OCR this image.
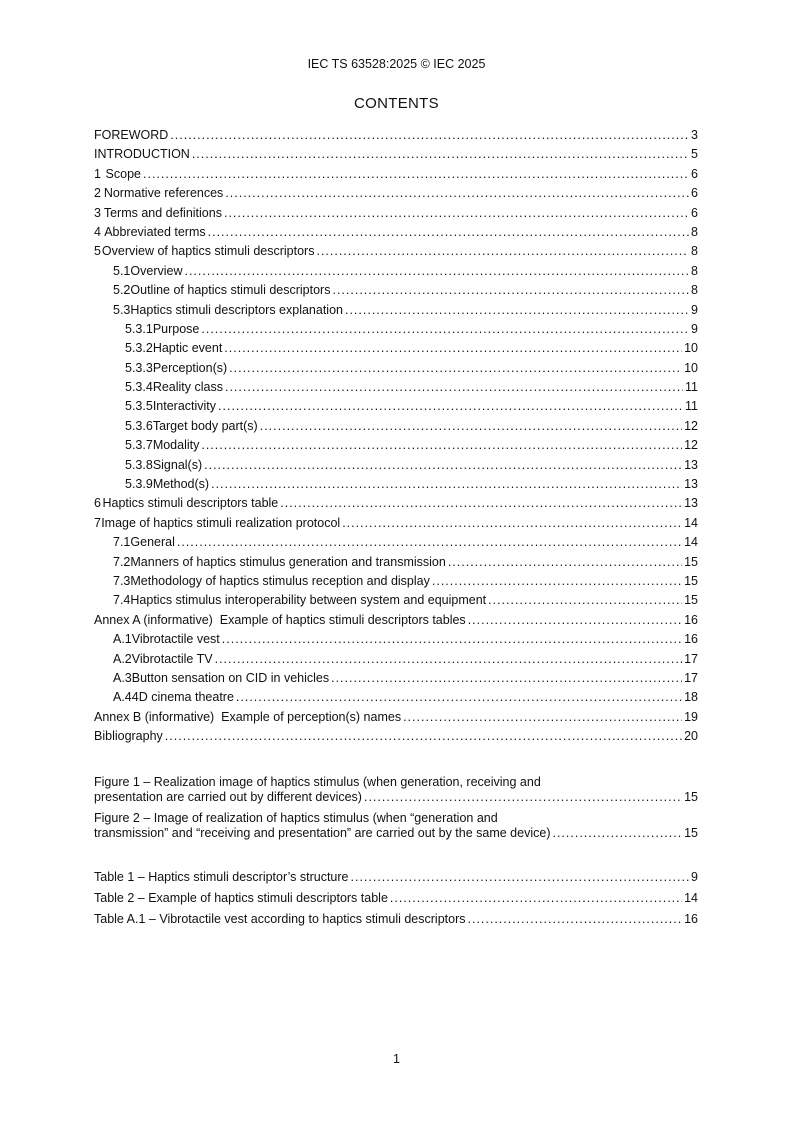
IEC TS 63528:2025 © IEC 2025
CONTENTS
FOREWORD .....	3
INTRODUCTION .....	5
1 Scope .....	6
2 Normative references .....	6
3 Terms and definitions .....	6
4 Abbreviated terms .....	8
5 Overview of haptics stimuli descriptors .....	8
5.1 Overview .....	8
5.2 Outline of haptics stimuli descriptors .....	8
5.3 Haptics stimuli descriptors explanation .....	9
5.3.1 Purpose .....	9
5.3.2 Haptic event .....	10
5.3.3 Perception(s) .....	10
5.3.4 Reality class .....	11
5.3.5 Interactivity .....	11
5.3.6 Target body part(s) .....	12
5.3.7 Modality .....	12
5.3.8 Signal(s) .....	13
5.3.9 Method(s) .....	13
6 Haptics stimuli descriptors table .....	13
7 Image of haptics stimuli realization protocol .....	14
7.1 General .....	14
7.2 Manners of haptics stimulus generation and transmission .....	15
7.3 Methodology of haptics stimulus reception and display .....	15
7.4 Haptics stimulus interoperability between system and equipment .....	15
Annex A (informative)  Example of haptics stimuli descriptors tables .....	16
A.1 Vibrotactile vest .....	16
A.2 Vibrotactile TV .....	17
A.3 Button sensation on CID in vehicles .....	17
A.4 4D cinema theatre .....	18
Annex B (informative)  Example of perception(s) names .....	19
Bibliography .....	20
Figure 1 – Realization image of haptics stimulus (when generation, receiving and
presentation are carried out by different devices) .....	15
Figure 2 – Image of realization of haptics stimulus (when “generation and
transmission” and “receiving and presentation” are carried out by the same device) .....	15
Table 1 – Haptics stimuli descriptor’s structure .....	9
Table 2 – Example of haptics stimuli descriptors table .....	14
Table A.1 – Vibrotactile vest according to haptics stimuli descriptors .....	16
1
